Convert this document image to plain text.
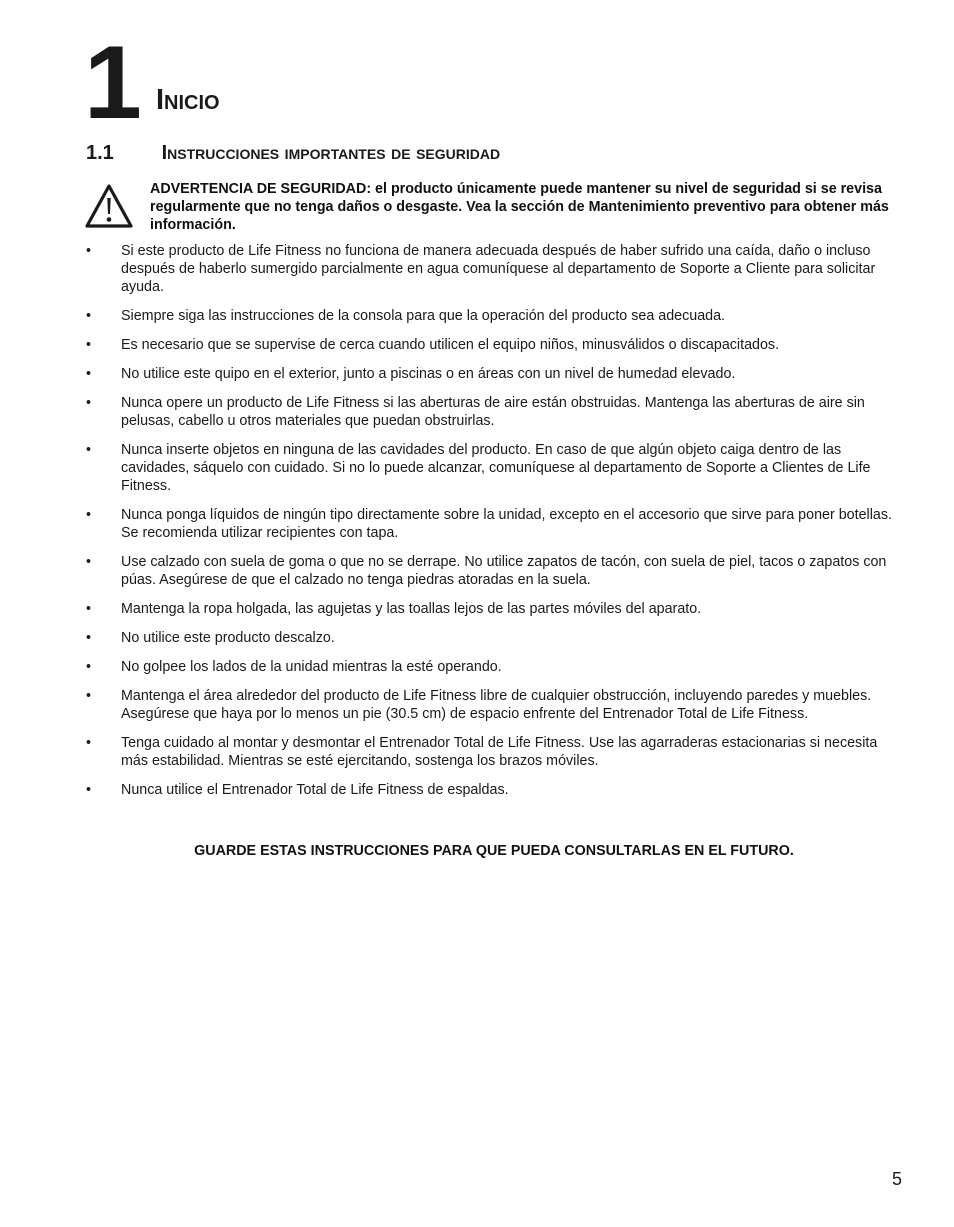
1 Inicio
1.1 Instrucciones importantes de seguridad
ADVERTENCIA DE SEGURIDAD: el producto únicamente puede mantener su nivel de seguridad si se revisa regularmente que no tenga daños o desgaste. Vea la sección de Mantenimiento preventivo para obtener más información.
•	Si este producto de Life Fitness no funciona de manera adecuada después de haber sufrido una caída, daño o incluso después de haberlo sumergido parcialmente en agua comuníquese al departamento de Soporte a Cliente para solicitar ayuda.
•	Siempre siga las instrucciones de la consola para que la operación del producto sea adecuada.
•	Es necesario que se supervise de cerca cuando utilicen el equipo niños, minusválidos o discapacitados.
•	No utilice este quipo en el exterior, junto a piscinas o en áreas con un nivel de humedad elevado.
•	Nunca opere un producto de Life Fitness si las aberturas de aire están obstruidas. Mantenga las aberturas de aire sin pelusas, cabello u otros materiales que puedan obstruirlas.
•	Nunca inserte objetos en ninguna de las cavidades del producto. En caso de que algún objeto caiga dentro de las cavidades, sáquelo con cuidado. Si no lo puede alcanzar, comuníquese al departamento de Soporte a Clientes de Life Fitness.
•	Nunca ponga líquidos de ningún tipo directamente sobre la unidad, excepto en el accesorio que sirve para poner botellas. Se recomienda utilizar recipientes con tapa.
•	Use calzado con suela de goma o que no se derrape. No utilice zapatos de tacón, con suela de piel, tacos o zapatos con púas. Asegúrese de que el calzado no tenga piedras atoradas en la suela.
•	Mantenga la ropa holgada, las agujetas y las toallas lejos de las partes móviles del aparato.
•	No utilice este producto descalzo.
•	No golpee los lados de la unidad mientras la esté operando.
•	Mantenga el área alrededor del producto de Life Fitness libre de cualquier obstrucción, incluyendo paredes y muebles. Asegúrese que haya por lo menos un pie (30.5 cm) de espacio enfrente del Entrenador Total de Life Fitness.
•	Tenga cuidado al montar y desmontar el Entrenador Total de Life Fitness. Use las agarraderas estacionarias si necesita más estabilidad. Mientras se esté ejercitando, sostenga los brazos móviles.
•	Nunca utilice el Entrenador Total de Life Fitness de espaldas.
GUARDE ESTAS INSTRUCCIONES PARA QUE PUEDA CONSULTARLAS EN EL FUTURO.
5
